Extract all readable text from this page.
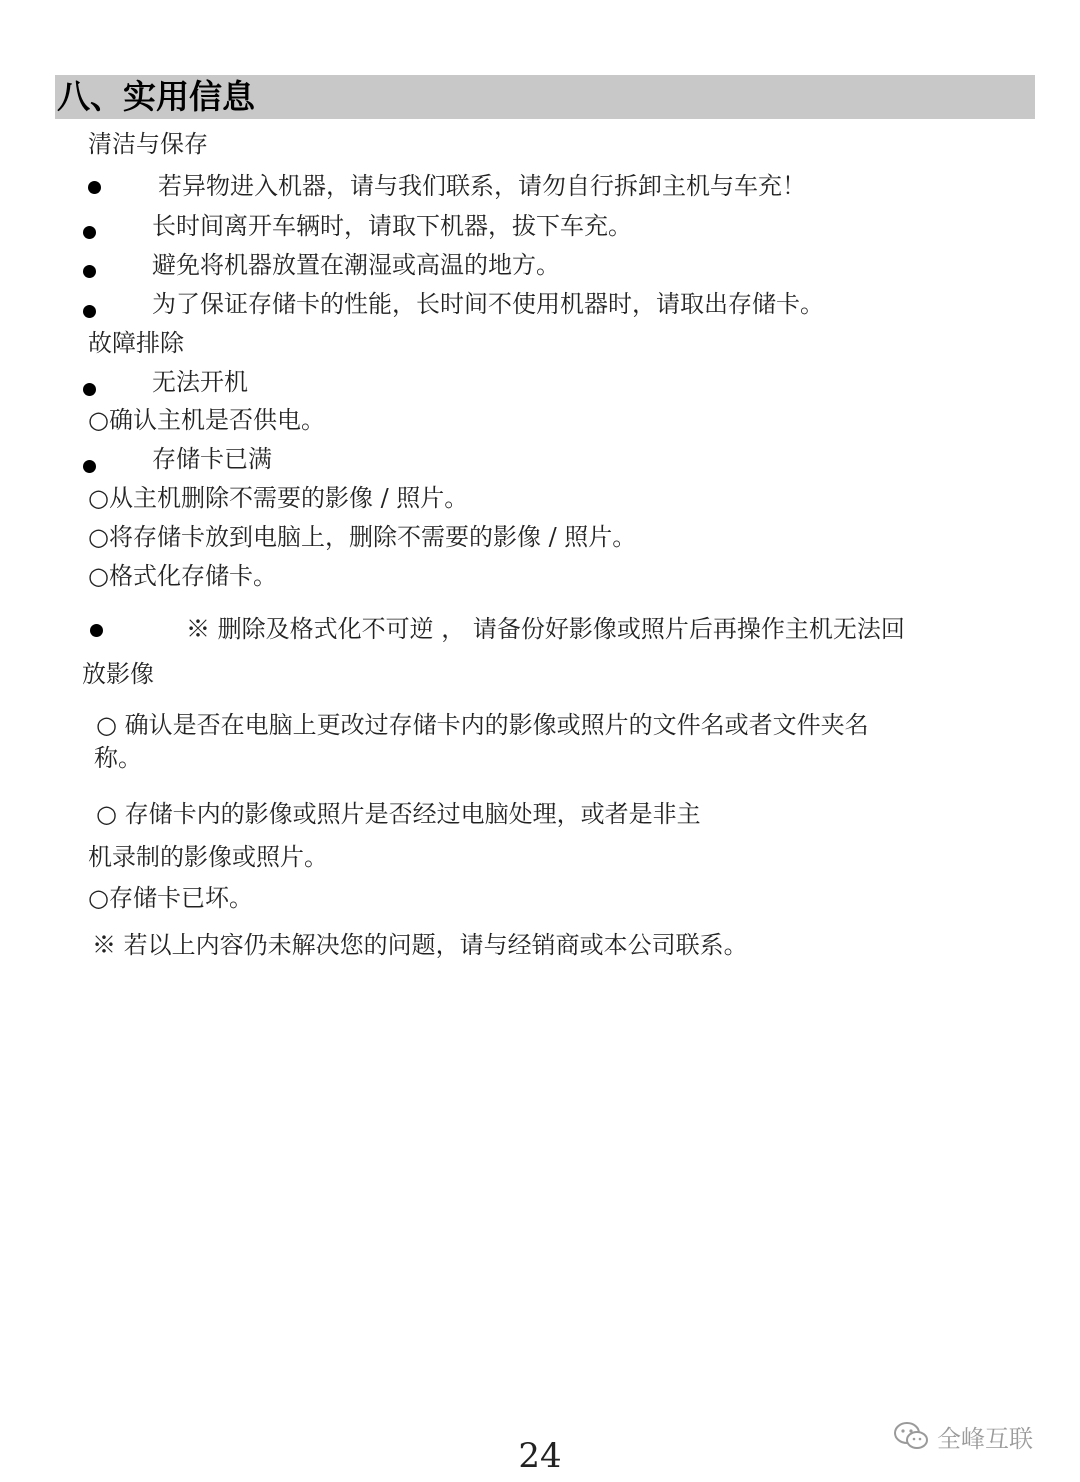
八、实用信息
清洁与保存
若异物进入机器，请与我们联系，请勿自行拆卸主机与车充！
长时间离开车辆时，请取下机器，拔下车充。
避免将机器放置在潮湿或高温的地方。
为了保证存储卡的性能，长时间不使用机器时，请取出存储卡。
故障排除
无法开机
○确认主机是否供电。
存储卡已满
○从主机删除不需要的影像 / 照片。
○将存储卡放到电脑上，删除不需要的影像 / 照片。
○格式化存储卡。
※ 删除及格式化不可逆 ， 请备份好影像或照片后再操作主机无法回
放影像
○ 确认是否在电脑上更改过存储卡内的影像或照片的文件名或者文件夹名
称。
○ 存储卡内的影像或照片是否经过电脑处理，或者是非主
机录制的影像或照片。
○存储卡已坏。
※ 若以上内容仍未解决您的问题，请与经销商或本公司联系。
24	全峰互联
